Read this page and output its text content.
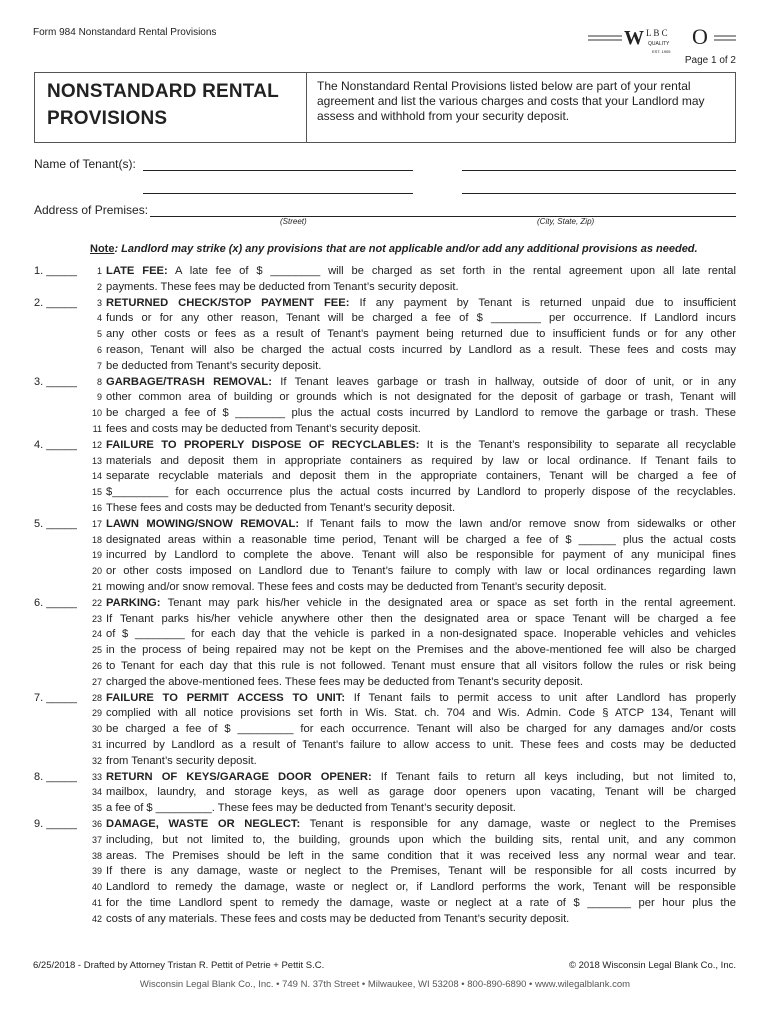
Form 984 Nonstandard Rental Provisions	W L B C
QUALITY O
EST. 1905
Page 1 of 2
NONSTANDARD RENTAL
PROVISIONS
The Nonstandard Rental Provisions listed below are part of your rental agreement and list the various charges and costs that your Landlord may assess and withhold from your security deposit.
Name of Tenant(s):
Address of Premises:
(Street)	(City, State, Zip)
Note: Landlord may strike (x) any provisions that are not applicable and/or add any additional provisions as needed.
1 LATE FEE: A late fee of $ ________ will be charged as set forth in the rental agreement upon all late rental
2 payments. These fees may be deducted from Tenant’s security deposit.
3 RETURNED CHECK/STOP PAYMENT FEE: If any payment by Tenant is returned unpaid due to insufficient
4 funds or for any other reason, Tenant will be charged a fee of $ ________ per occurrence. If Landlord incurs
5 any other costs or fees as a result of Tenant’s payment being returned due to insufficient funds or for any other
6 reason, Tenant will also be charged the actual costs incurred by Landlord as a result. These fees and costs may
7 be deducted from Tenant’s security deposit.
8 GARBAGE/TRASH REMOVAL: If Tenant leaves garbage or trash in hallway, outside of door of unit, or in any
9 other common area of building or grounds which is not designated for the deposit of garbage or trash, Tenant will
10 be charged a fee of $ ________ plus the actual costs incurred by Landlord to remove the garbage or trash. These
11 fees and costs may be deducted from Tenant’s security deposit.
12 FAILURE TO PROPERLY DISPOSE OF RECYCLABLES: It is the Tenant’s responsibility to separate all recyclable
13 materials and deposit them in appropriate containers as required by law or local ordinance. If Tenant fails to
14 separate recyclable materials and deposit them in the appropriate containers, Tenant will be charged a fee of
15 $_________ for each occurrence plus the actual costs incurred by Landlord to properly dispose of the recyclables.
16 These fees and costs may be deducted from Tenant’s security deposit.
17 LAWN MOWING/SNOW REMOVAL: If Tenant fails to mow the lawn and/or remove snow from sidewalks or other
18 designated areas within a reasonable time period, Tenant will be charged a fee of $ ______ plus the actual costs
19 incurred by Landlord to complete the above. Tenant will also be responsible for payment of any municipal fines
20 or other costs imposed on Landlord due to Tenant’s failure to comply with law or local ordinances regarding lawn
21 mowing and/or snow removal. These fees and costs may be deducted from Tenant’s security deposit.
22 PARKING: Tenant may park his/her vehicle in the designated area or space as set forth in the rental agreement.
23 If Tenant parks his/her vehicle anywhere other then the designated area or space Tenant will be charged a fee
24 of $ ________ for each day that the vehicle is parked in a non-designated space. Inoperable vehicles and vehicles
25 in the process of being repaired may not be kept on the Premises and the above-mentioned fee will also be charged
26 to Tenant for each day that this rule is not followed. Tenant must ensure that all visitors follow the rules or risk being
27 charged the above-mentioned fees. These fees may be deducted from Tenant’s security deposit.
28 FAILURE TO PERMIT ACCESS TO UNIT: If Tenant fails to permit access to unit after Landlord has properly
29 complied with all notice provisions set forth in Wis. Stat. ch. 704 and Wis. Admin. Code § ATCP 134, Tenant will
30 be charged a fee of $ _________ for each occurrence. Tenant will also be charged for any damages and/or costs
31 incurred by Landlord as a result of Tenant’s failure to allow access to unit. These fees and costs may be deducted
32 from Tenant’s security deposit.
33 RETURN OF KEYS/GARAGE DOOR OPENER: If Tenant fails to return all keys including, but not limited to,
34 mailbox, laundry, and storage keys, as well as garage door openers upon vacating, Tenant will be charged
35 a fee of $ _________. These fees may be deducted from Tenant’s security deposit.
36 DAMAGE, WASTE OR NEGLECT: Tenant is responsible for any damage, waste or neglect to the Premises
37 including, but not limited to, the building, grounds upon which the building sits, rental unit, and any common
38 areas. The Premises should be left in the same condition that it was received less any normal wear and tear.
39 If there is any damage, waste or neglect to the Premises, Tenant will be responsible for all costs incurred by
40 Landlord to remedy the damage, waste or neglect or, if Landlord performs the work, Tenant will be responsible
41 for the time Landlord spent to remedy the damage, waste or neglect at a rate of $ _______ per hour plus the
42 costs of any materials. These fees and costs may be deducted from Tenant’s security deposit.
1. _____
2. _____
3. _____
4. _____
5. _____
6. _____
7. _____
8. _____
9. _____
6/25/2018 - Drafted by Attorney Tristan R. Pettit of Petrie + Pettit S.C.	© 2018 Wisconsin Legal Blank Co., Inc.
Wisconsin Legal Blank Co., Inc. • 749 N. 37th Street • Milwaukee, WI 53208 • 800-890-6890 • www.wilegalblank.com
